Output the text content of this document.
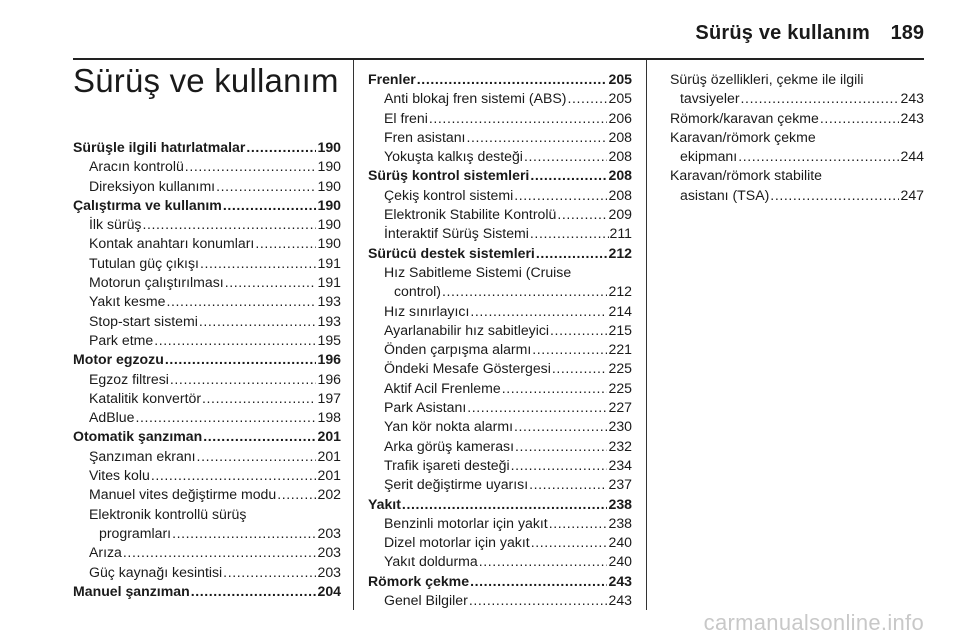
Sürüş ve kullanım 189
Sürüş ve kullanım
Sürüşle ilgili hatırlatmalar .....	190
Aracın kontrolü .....	190
Direksiyon kullanımı .....	190
Çalıştırma ve kullanım .....	190
İlk sürüş .....	190
Kontak anahtarı konumları .....	190
Tutulan güç çıkışı .....	191
Motorun çalıştırılması .....	191
Yakıt kesme .....	193
Stop-start sistemi .....	193
Park etme .....	195
Motor egzozu .....	196
Egzoz filtresi .....	196
Katalitik konvertör .....	197
AdBlue .....	198
Otomatik şanzıman .....	201
Şanzıman ekranı .....	201
Vites kolu .....	201
Manuel vites değiştirme modu .....	202
Elektronik kontrollü sürüş
programları .....	203
Arıza .....	203
Güç kaynağı kesintisi .....	203
Manuel şanzıman .....	204
Frenler .....	205
Anti blokaj fren sistemi (ABS) .....	205
El freni .....	206
Fren asistanı .....	208
Yokuşta kalkış desteği .....	208
Sürüş kontrol sistemleri .....	208
Çekiş kontrol sistemi .....	208
Elektronik Stabilite Kontrolü .....	209
İnteraktif Sürüş Sistemi .....	211
Sürücü destek sistemleri .....	212
Hız Sabitleme Sistemi (Cruise
control) .....	212
Hız sınırlayıcı .....	214
Ayarlanabilir hız sabitleyici .....	215
Önden çarpışma alarmı .....	221
Öndeki Mesafe Göstergesi .....	225
Aktif Acil Frenleme .....	225
Park Asistanı .....	227
Yan kör nokta alarmı .....	230
Arka görüş kamerası .....	232
Trafik işareti desteği .....	234
Şerit değiştirme uyarısı .....	237
Yakıt .....	238
Benzinli motorlar için yakıt .....	238
Dizel motorlar için yakıt .....	240
Yakıt doldurma .....	240
Römork çekme .....	243
Genel Bilgiler .....	243
Sürüş özellikleri, çekme ile ilgili
tavsiyeler .....	243
Römork/karavan çekme .....	243
Karavan/römork çekme
ekipmanı .....	244
Karavan/römork stabilite
asistanı (TSA) .....	247
carmanualsonline.info
